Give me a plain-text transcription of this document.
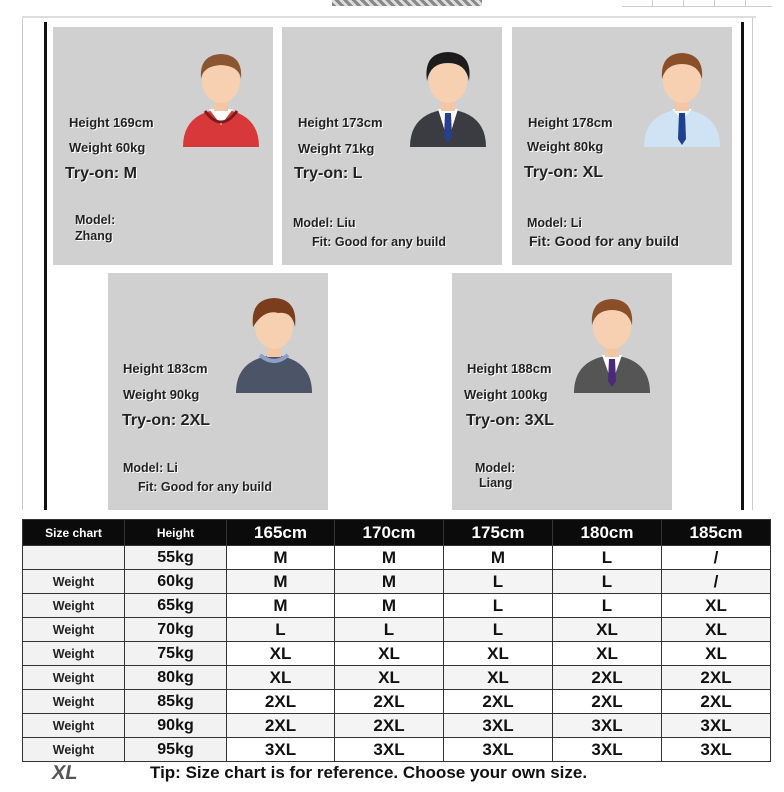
Height 169cm
Weight 60kg
Try-on: M
Model:
Zhang
Height 173cm
Weight 71kg
Try-on: L
Model: Liu
Fit: Good for any build
Height 178cm
Weight 80kg
Try-on: XL
Model: Li
Fit: Good for any build
Height 183cm
Weight 90kg
Try-on: 2XL
Model: Li
Fit: Good for any build
Height 188cm
Weight 100kg
Try-on: 3XL
Model:
Liang
Size chart	Height	165cm	170cm	175cm	180cm	185cm
	55kg	M	M	M	L	/
Weight	60kg	M	M	L	L	/
Weight	65kg	M	M	L	L	XL
Weight	70kg	L	L	L	XL	XL
Weight	75kg	XL	XL	XL	XL	XL
Weight	80kg	XL	XL	XL	2XL	2XL
Weight	85kg	2XL	2XL	2XL	2XL	2XL
Weight	90kg	2XL	2XL	3XL	3XL	3XL
Weight	95kg	3XL	3XL	3XL	3XL	3XL
XL	Tip: Size chart is for reference. Choose your own size.
